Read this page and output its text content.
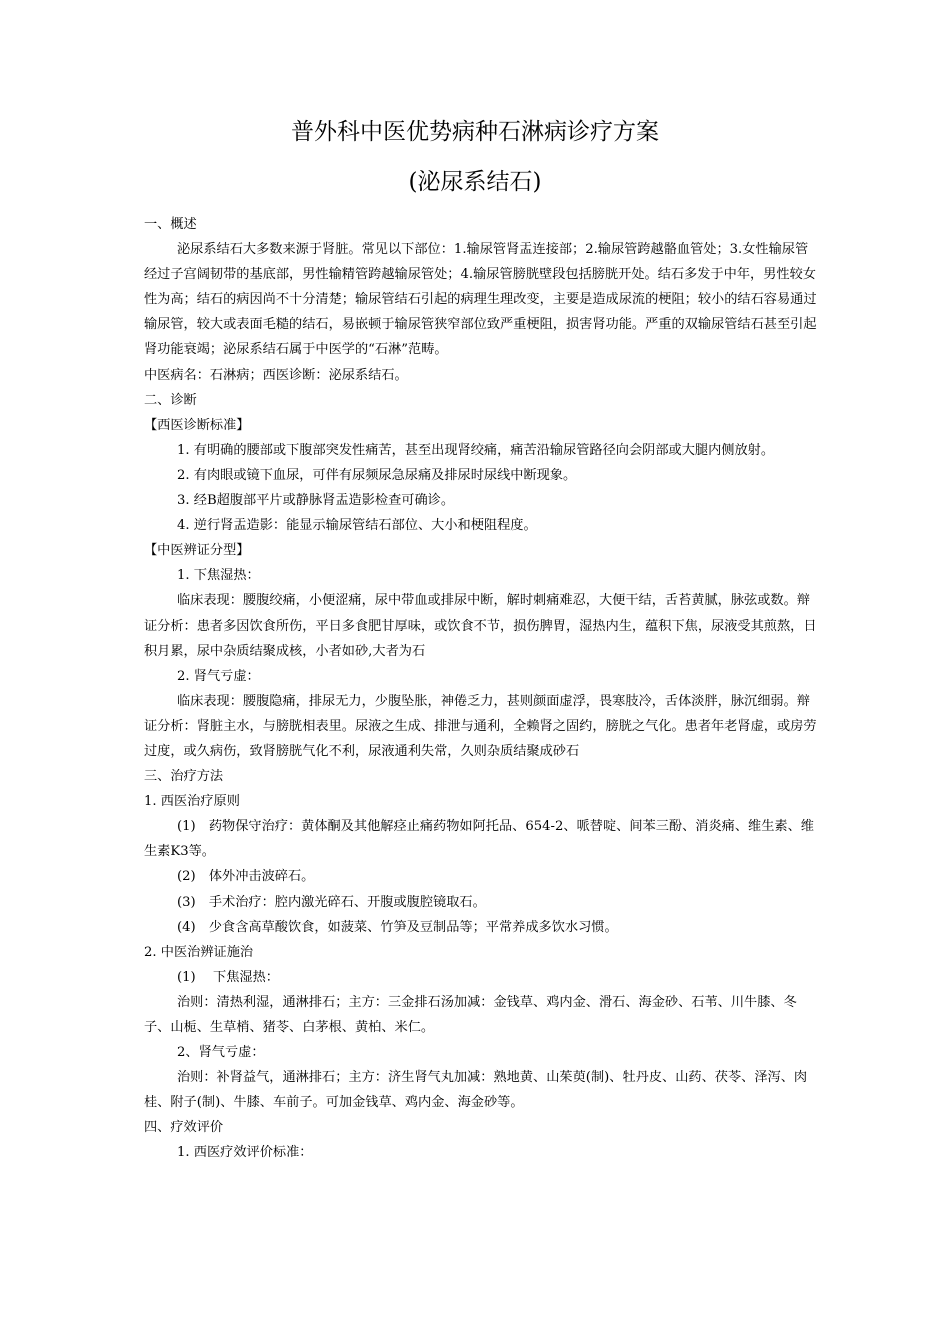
普外科中医优势病种石淋病诊疗方案
(泌尿系结石)

一、概述

泌尿系结石大多数来源于肾脏。常见以下部位：1.输尿管肾盂连接部；2.输尿管跨越骼血管处；3.女性输尿管经过子宫阔韧带的基底部，男性输精管跨越输尿管处；4.输尿管膀胱壁段包括膀胱开处。结石多发于中年，男性较女性为高；结石的病因尚不十分清楚；输尿管结石引起的病理生理改变，主要是造成尿流的梗阻；较小的结石容易通过输尿管，较大或表面毛糙的结石，易嵌顿于输尿管狭窄部位致严重梗阻，损害肾功能。严重的双输尿管结石甚至引起肾功能衰竭；泌尿系结石属于中医学的“石淋”范畴。

中医病名：石淋病；西医诊断：泌尿系结石。

二、诊断

【西医诊断标准】

1. 有明确的腰部或下腹部突发性痛苦，甚至出现肾绞痛，痛苦沿输尿管路径向会阴部或大腿内侧放射。

2. 有肉眼或镜下血尿，可伴有尿频尿急尿痛及排尿时尿线中断现象。

3. 经B超腹部平片或静脉肾盂造影检查可确诊。

4. 逆行肾盂造影：能显示输尿管结石部位、大小和梗阻程度。

【中医辨证分型】

1. 下焦湿热：

临床表现：腰腹绞痛，小便涩痛，尿中带血或排尿中断，解时刺痛难忍，大便干结，舌苔黄腻，脉弦或数。辩证分析：患者多因饮食所伤，平日多食肥甘厚味，或饮食不节，损伤脾胃，湿热内生，蕴积下焦，尿液受其煎熬，日积月累，尿中杂质结聚成核，小者如砂,大者为石

2. 肾气亏虚：

临床表现：腰腹隐痛，排尿无力，少腹坠胀，神倦乏力，甚则颜面虚浮，畏寒肢冷，舌体淡胖，脉沉细弱。辩证分析：肾脏主水，与膀胱相表里。尿液之生成、排泄与通利，全赖肾之固约，膀胱之气化。患者年老肾虚，或房劳过度，或久病伤，致肾膀胱气化不利，尿液通利失常，久则杂质结聚成砂石

三、治疗方法

1. 西医治疗原则

(1)　药物保守治疗：黄体酮及其他解痉止痛药物如阿托品、654-2、哌替啶、间苯三酚、消炎痛、维生素、维生素K3等。

(2)　体外冲击波碎石。

(3)　手术治疗：腔内激光碎石、开腹或腹腔镜取石。

(4)　少食含高草酸饮食，如菠菜、竹笋及豆制品等；平常养成多饮水习惯。

2. 中医治辨证施治

(1)　 下焦湿热：

治则：清热利湿，通淋排石；主方：三金排石汤加减：金钱草、鸡内金、滑石、海金砂、石苇、川牛膝、冬 子、山栀、生草梢、猪苓、白茅根、黄柏、米仁。

2、肾气亏虚：

治则：补肾益气，通淋排石；主方：济生肾气丸加减：熟地黄、山茱萸(制)、牡丹皮、山药、茯苓、泽泻、肉桂、附子(制)、牛膝、车前子。可加金钱草、鸡内金、海金砂等。

四、疗效评价

1. 西医疗效评价标准：
